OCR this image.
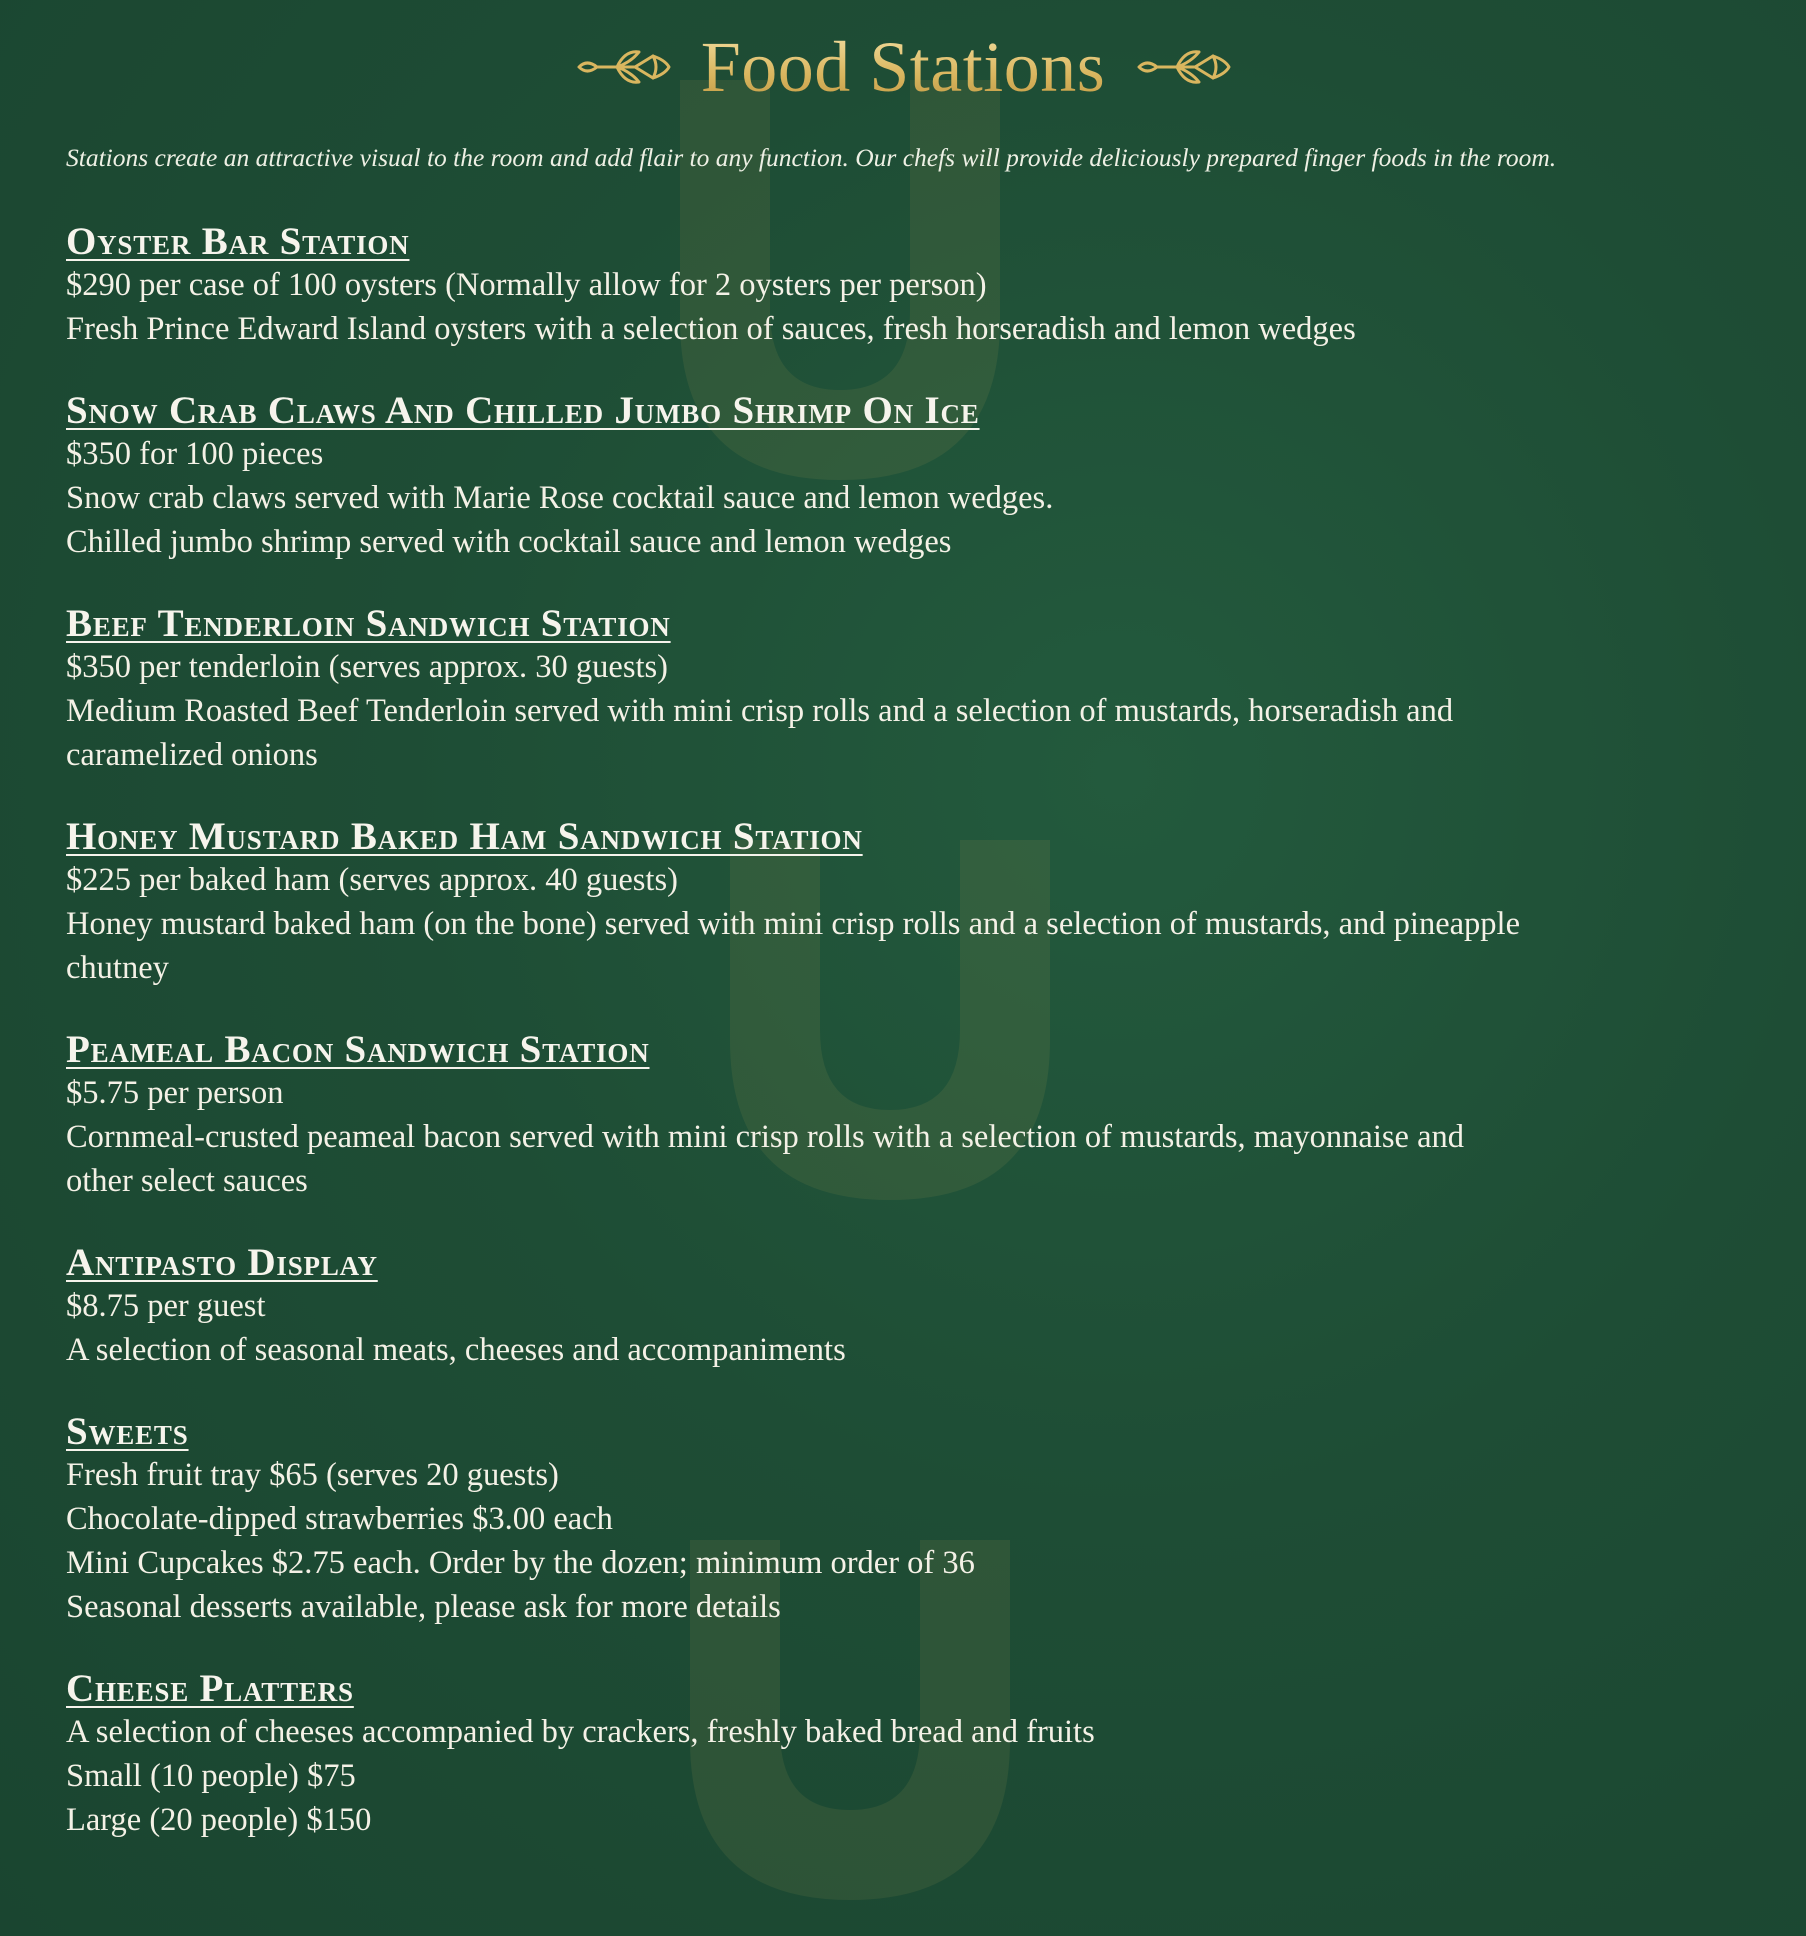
Food Stations
Stations create an attractive visual to the room and add flair to any function. Our chefs will provide deliciously prepared finger foods in the room.
Oyster Bar Station
$290 per case of 100 oysters (Normally allow for 2 oysters per person)
Fresh Prince Edward Island oysters with a selection of sauces, fresh horseradish and lemon wedges
Snow Crab Claws And Chilled Jumbo Shrimp On Ice
$350 for 100 pieces
Snow crab claws served with Marie Rose cocktail sauce and lemon wedges.
Chilled jumbo shrimp served with cocktail sauce and lemon wedges
Beef Tenderloin Sandwich Station
$350 per tenderloin (serves approx. 30 guests)
Medium Roasted Beef Tenderloin served with mini crisp rolls and a selection of mustards, horseradish and
caramelized onions
Honey Mustard Baked Ham Sandwich Station
$225 per baked ham (serves approx. 40 guests)
Honey mustard baked ham (on the bone) served with mini crisp rolls and a selection of mustards, and pineapple
chutney
Peameal Bacon Sandwich Station
$5.75 per person
Cornmeal-crusted peameal bacon served with mini crisp rolls with a selection of mustards, mayonnaise and
other select sauces
Antipasto Display
$8.75 per guest
A selection of seasonal meats, cheeses and accompaniments
Sweets
Fresh fruit tray $65 (serves 20 guests)
Chocolate-dipped strawberries $3.00 each
Mini Cupcakes $2.75 each. Order by the dozen; minimum order of 36
Seasonal desserts available, please ask for more details
Cheese Platters
A selection of cheeses accompanied by crackers, freshly baked bread and fruits
Small (10 people) $75
Large (20 people) $150
